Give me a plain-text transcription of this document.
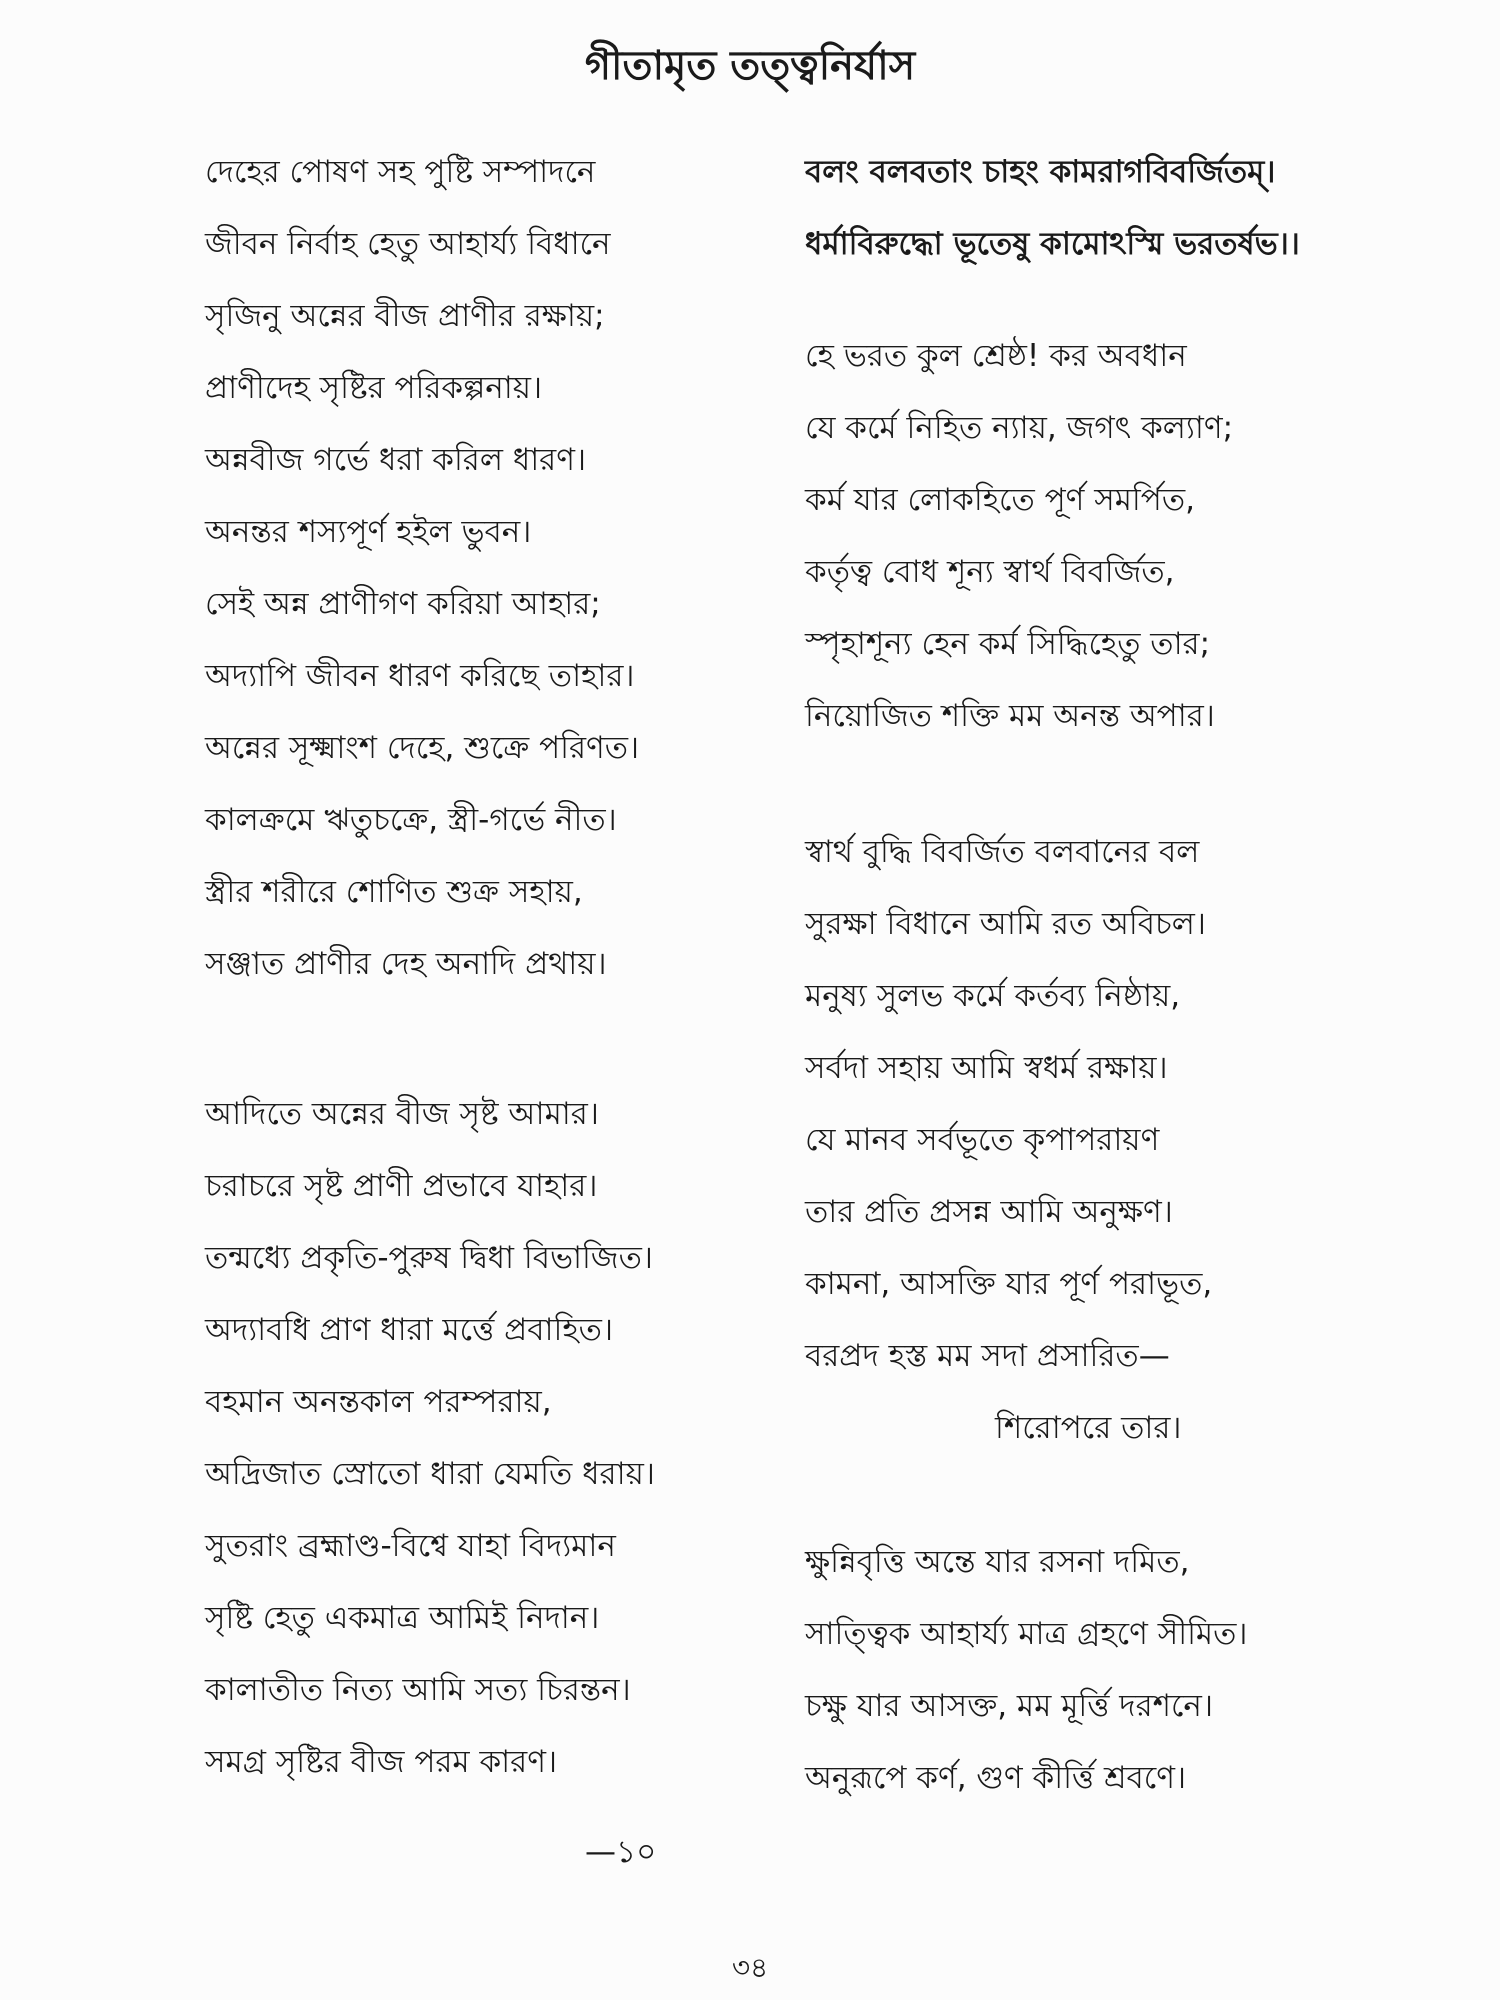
গীতামৃত তত্ত্বনির্যাস
দেহের পোষণ সহ পুষ্টি সম্পাদনে
জীবন নির্বাহ হেতু আহার্য্য বিধানে
সৃজিনু অন্নের বীজ প্রাণীর রক্ষায়;
প্রাণীদেহ সৃষ্টির পরিকল্পনায়।
অন্নবীজ গর্ভে ধরা করিল ধারণ।
অনন্তর শস্যপূর্ণ হইল ভুবন।
সেই অন্ন প্রাণীগণ করিয়া আহার;
অদ্যাপি জীবন ধারণ করিছে তাহার।
অন্নের সূক্ষ্মাংশ দেহে, শুক্রে পরিণত।
কালক্রমে ঋতুচক্রে, স্ত্রী-গর্ভে নীত।
স্ত্রীর শরীরে শোণিত শুক্র সহায়,
সঞ্জাত প্রাণীর দেহ অনাদি প্রথায়।
আদিতে অন্নের বীজ সৃষ্ট আমার।
চরাচরে সৃষ্ট প্রাণী প্রভাবে যাহার।
তন্মধ্যে প্রকৃতি-পুরুষ দ্বিধা বিভাজিত।
অদ্যাবধি প্রাণ ধারা মর্ত্তে প্রবাহিত।
বহমান অনন্তকাল পরম্পরায়,
অদ্রিজাত স্রোতো ধারা যেমতি ধরায়।
সুতরাং ব্রহ্মাণ্ড-বিশ্বে যাহা বিদ্যমান
সৃষ্টি হেতু একমাত্র আমিই নিদান।
কালাতীত নিত্য আমি সত্য চিরন্তন।
সমগ্র সৃষ্টির বীজ পরম কারণ।
—১০
বলং বলবতাং চাহং কামরাগবিবর্জিতম্।
ধর্মাবিরুদ্ধো ভূতেষু কামোঽস্মি ভরতর্ষভ।।
হে ভরত কুল শ্রেষ্ঠ! কর অবধান
যে কর্মে নিহিত ন্যায়, জগৎ কল্যাণ;
কর্ম যার লোকহিতে পূর্ণ সমর্পিত,
কর্তৃত্ব বোধ শূন্য স্বার্থ বিবর্জিত,
স্পৃহাশূন্য হেন কর্ম সিদ্ধিহেতু তার;
নিয়োজিত শক্তি মম অনন্ত অপার।
স্বার্থ বুদ্ধি বিবর্জিত বলবানের বল
সুরক্ষা বিধানে আমি রত অবিচল।
মনুষ্য সুলভ কর্মে কর্তব্য নিষ্ঠায়,
সর্বদা সহায় আমি স্বধর্ম রক্ষায়।
যে মানব সর্বভূতে কৃপাপরায়ণ
তার প্রতি প্রসন্ন আমি অনুক্ষণ।
কামনা, আসক্তি যার পূর্ণ পরাভূত,
বরপ্রদ হস্ত মম সদা প্রসারিত—
শিরোপরে তার।
ক্ষুন্নিবৃত্তি অন্তে যার রসনা দমিত,
সাত্ত্বিক আহার্য্য মাত্র গ্রহণে সীমিত।
চক্ষু যার আসক্ত, মম মূর্ত্তি দরশনে।
অনুরূপে কর্ণ, গুণ কীর্ত্তি শ্রবণে।
৩৪
